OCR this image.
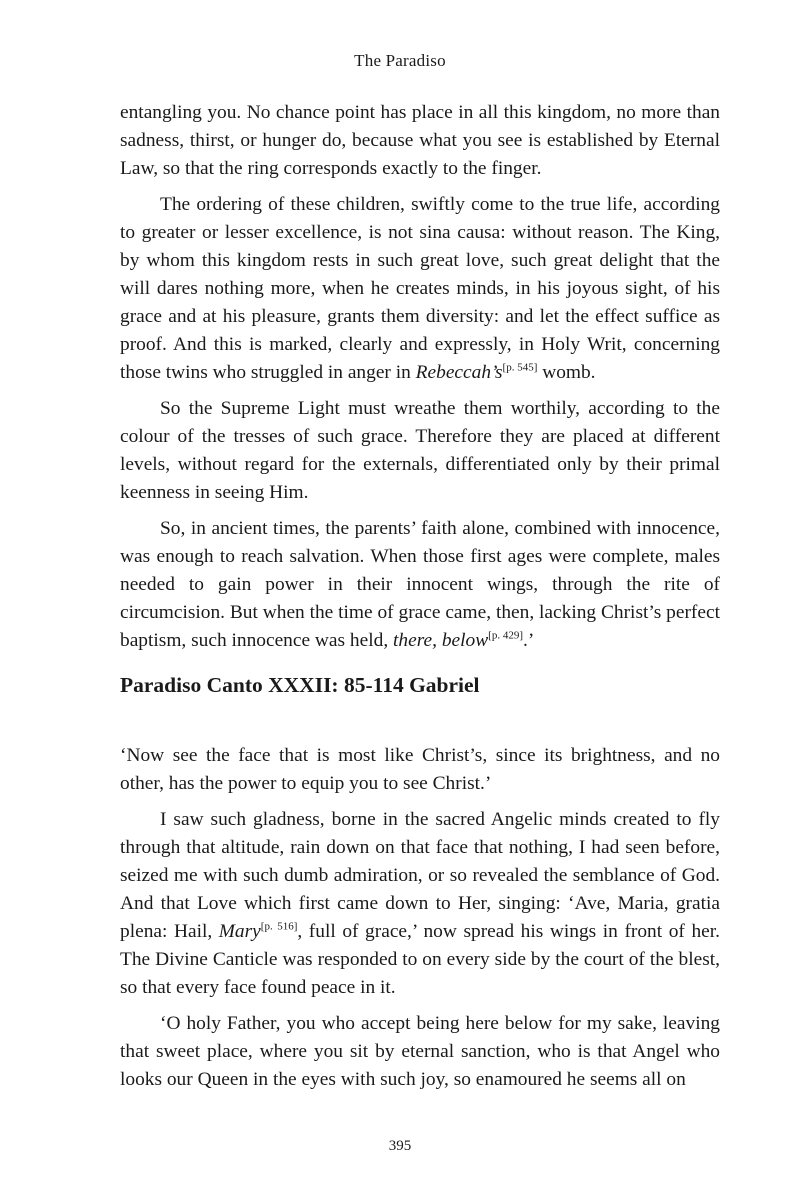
The Paradiso

entangling you. No chance point has place in all this kingdom, no more than sadness, thirst, or hunger do, because what you see is established by Eternal Law, so that the ring corresponds exactly to the finger.

The ordering of these children, swiftly come to the true life, according to greater or lesser excellence, is not sina causa: without reason. The King, by whom this kingdom rests in such great love, such great delight that the will dares nothing more, when he creates minds, in his joyous sight, of his grace and at his pleasure, grants them diversity: and let the effect suffice as proof. And this is marked, clearly and expressly, in Holy Writ, concerning those twins who struggled in anger in Rebeccah’s[p. 545] womb.

So the Supreme Light must wreathe them worthily, according to the colour of the tresses of such grace. Therefore they are placed at different levels, without regard for the externals, differentiated only by their primal keenness in seeing Him.

So, in ancient times, the parents’ faith alone, combined with innocence, was enough to reach salvation. When those first ages were complete, males needed to gain power in their innocent wings, through the rite of circumcision. But when the time of grace came, then, lacking Christ’s perfect baptism, such innocence was held, there, below[p. 429].’

Paradiso Canto XXXII: 85-114 Gabriel

‘Now see the face that is most like Christ’s, since its brightness, and no other, has the power to equip you to see Christ.’

I saw such gladness, borne in the sacred Angelic minds created to fly through that altitude, rain down on that face that nothing, I had seen before, seized me with such dumb admiration, or so revealed the semblance of God. And that Love which first came down to Her, singing: ‘Ave, Maria, gratia plena: Hail, Mary[p. 516], full of grace,’ now spread his wings in front of her. The Divine Canticle was responded to on every side by the court of the blest, so that every face found peace in it.

‘O holy Father, you who accept being here below for my sake, leaving that sweet place, where you sit by eternal sanction, who is that Angel who looks our Queen in the eyes with such joy, so enamoured he seems all on

395
